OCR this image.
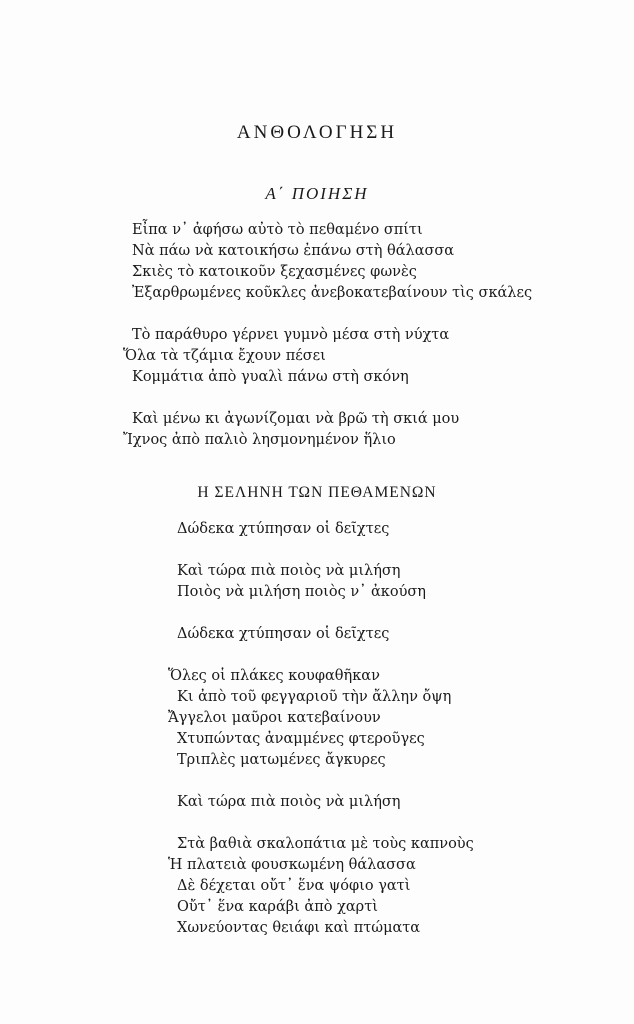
ΑΝΘΟΛΟΓΗΣΗ
Α΄ ΠΟΙΗΣΗ
Εἶπα ν᾽ ἀφήσω αὐτὸ τὸ πεθαμένο σπίτι
Νὰ πάω νὰ κατοικήσω ἐπάνω στὴ θάλασσα
Σκιὲς τὸ κατοικοῦν ξεχασμένες φωνὲς
Ἐξαρθρωμένες κοῦκλες ἀνεβοκατεβαίνουν τὶς σκάλες
Τὸ παράθυρο γέρνει γυμνὸ μέσα στὴ νύχτα
Ὅλα τὰ τζάμια ἔχουν πέσει
Κομμάτια ἀπὸ γυαλὶ πάνω στὴ σκόνη
Καὶ μένω κι ἀγωνίζομαι νὰ βρῶ τὴ σκιά μου
Ἴχνος ἀπὸ παλιὸ λησμονημένον ἥλιο
Η ΣΕΛΗΝΗ ΤΩΝ ΠΕΘΑΜΕΝΩΝ
Δώδεκα χτύπησαν οἱ δεῖχτες
Καὶ τώρα πιὰ ποιὸς νὰ μιλήση
Ποιὸς νὰ μιλήση ποιὸς ν᾽ ἀκούση
Δώδεκα χτύπησαν οἱ δεῖχτες
Ὅλες οἱ πλάκες κουφαθῆκαν
Κι ἀπὸ τοῦ φεγγαριοῦ τὴν ἄλλην ὄψη
Ἄγγελοι μαῦροι κατεβαίνουν
Χτυπώντας ἀναμμένες φτεροῦγες
Τριπλὲς ματωμένες ἄγκυρες
Καὶ τώρα πιὰ ποιὸς νὰ μιλήση
Στὰ βαθιὰ σκαλοπάτια μὲ τοὺς καπνοὺς
Ἡ πλατειὰ φουσκωμένη θάλασσα
Δὲ δέχεται οὔτ᾽ ἕνα ψόφιο γατὶ
Οὔτ᾽ ἕνα καράβι ἀπὸ χαρτὶ
Χωνεύοντας θειάφι καὶ πτώματα
